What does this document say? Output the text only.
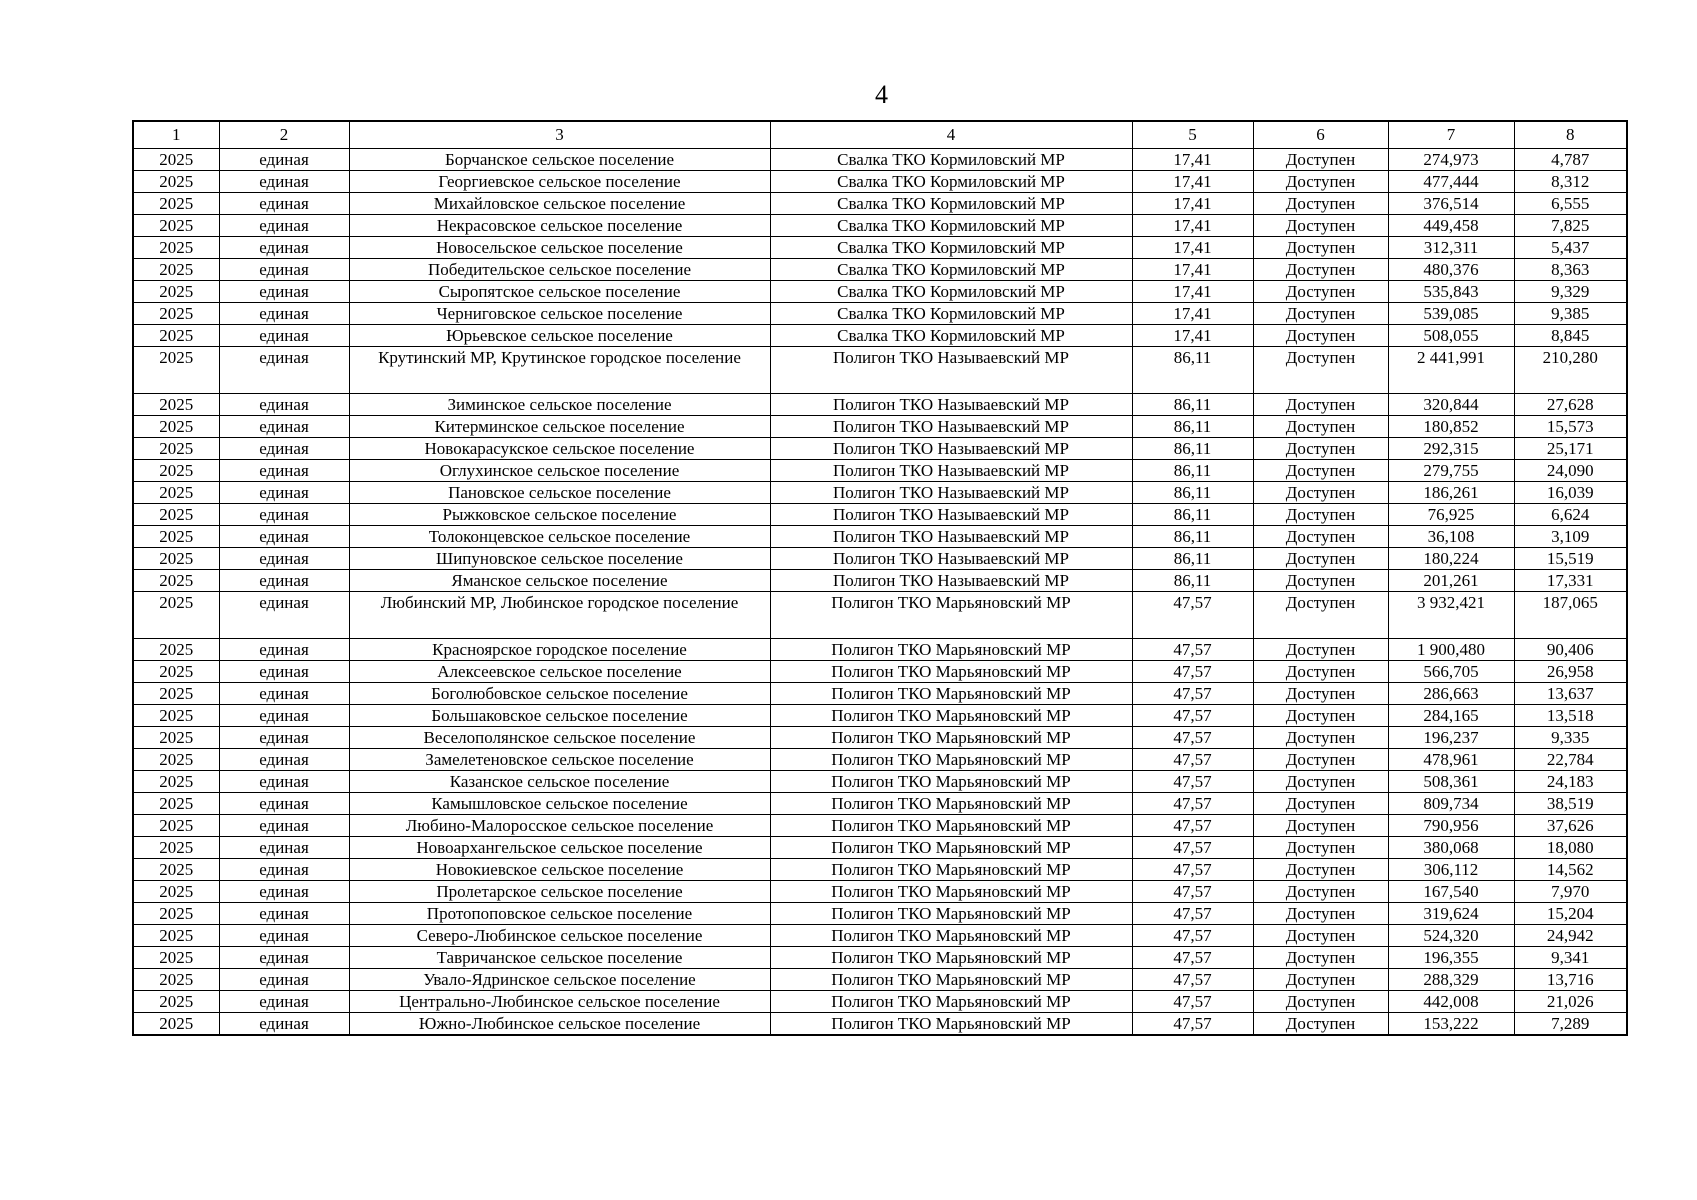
4
1	2	3	4	5	6	7	8
2025	единая	Борчанское сельское поселение	Свалка ТКО Кормиловский МР	17,41	Доступен	274,973	4,787
2025	единая	Георгиевское сельское поселение	Свалка ТКО Кормиловский МР	17,41	Доступен	477,444	8,312
2025	единая	Михайловское сельское поселение	Свалка ТКО Кормиловский МР	17,41	Доступен	376,514	6,555
2025	единая	Некрасовское сельское поселение	Свалка ТКО Кормиловский МР	17,41	Доступен	449,458	7,825
2025	единая	Новосельское сельское поселение	Свалка ТКО Кормиловский МР	17,41	Доступен	312,311	5,437
2025	единая	Победительское сельское поселение	Свалка ТКО Кормиловский МР	17,41	Доступен	480,376	8,363
2025	единая	Сыропятское сельское поселение	Свалка ТКО Кормиловский МР	17,41	Доступен	535,843	9,329
2025	единая	Черниговское сельское поселение	Свалка ТКО Кормиловский МР	17,41	Доступен	539,085	9,385
2025	единая	Юрьевское сельское поселение	Свалка ТКО Кормиловский МР	17,41	Доступен	508,055	8,845
2025	единая	Крутинский МР, Крутинское городское поселение	Полигон ТКО Называевский МР	86,11	Доступен	2 441,991	210,280
2025	единая	Зиминское сельское поселение	Полигон ТКО Называевский МР	86,11	Доступен	320,844	27,628
2025	единая	Китерминское сельское поселение	Полигон ТКО Называевский МР	86,11	Доступен	180,852	15,573
2025	единая	Новокарасукское сельское поселение	Полигон ТКО Называевский МР	86,11	Доступен	292,315	25,171
2025	единая	Оглухинское сельское поселение	Полигон ТКО Называевский МР	86,11	Доступен	279,755	24,090
2025	единая	Пановское сельское поселение	Полигон ТКО Называевский МР	86,11	Доступен	186,261	16,039
2025	единая	Рыжковское сельское поселение	Полигон ТКО Называевский МР	86,11	Доступен	76,925	6,624
2025	единая	Толоконцевское сельское поселение	Полигон ТКО Называевский МР	86,11	Доступен	36,108	3,109
2025	единая	Шипуновское сельское поселение	Полигон ТКО Называевский МР	86,11	Доступен	180,224	15,519
2025	единая	Яманское сельское поселение	Полигон ТКО Называевский МР	86,11	Доступен	201,261	17,331
2025	единая	Любинский МР, Любинское городское поселение	Полигон ТКО Марьяновский МР	47,57	Доступен	3 932,421	187,065
2025	единая	Красноярское городское поселение	Полигон ТКО Марьяновский МР	47,57	Доступен	1 900,480	90,406
2025	единая	Алексеевское сельское поселение	Полигон ТКО Марьяновский МР	47,57	Доступен	566,705	26,958
2025	единая	Боголюбовское сельское поселение	Полигон ТКО Марьяновский МР	47,57	Доступен	286,663	13,637
2025	единая	Большаковское сельское поселение	Полигон ТКО Марьяновский МР	47,57	Доступен	284,165	13,518
2025	единая	Веселополянское сельское поселение	Полигон ТКО Марьяновский МР	47,57	Доступен	196,237	9,335
2025	единая	Замелетеновское сельское поселение	Полигон ТКО Марьяновский МР	47,57	Доступен	478,961	22,784
2025	единая	Казанское сельское поселение	Полигон ТКО Марьяновский МР	47,57	Доступен	508,361	24,183
2025	единая	Камышловское сельское поселение	Полигон ТКО Марьяновский МР	47,57	Доступен	809,734	38,519
2025	единая	Любино-Малоросское сельское поселение	Полигон ТКО Марьяновский МР	47,57	Доступен	790,956	37,626
2025	единая	Новоархангельское сельское поселение	Полигон ТКО Марьяновский МР	47,57	Доступен	380,068	18,080
2025	единая	Новокиевское сельское поселение	Полигон ТКО Марьяновский МР	47,57	Доступен	306,112	14,562
2025	единая	Пролетарское сельское поселение	Полигон ТКО Марьяновский МР	47,57	Доступен	167,540	7,970
2025	единая	Протопоповское сельское поселение	Полигон ТКО Марьяновский МР	47,57	Доступен	319,624	15,204
2025	единая	Северо-Любинское сельское поселение	Полигон ТКО Марьяновский МР	47,57	Доступен	524,320	24,942
2025	единая	Тавричанское сельское поселение	Полигон ТКО Марьяновский МР	47,57	Доступен	196,355	9,341
2025	единая	Увало-Ядринское сельское поселение	Полигон ТКО Марьяновский МР	47,57	Доступен	288,329	13,716
2025	единая	Центрально-Любинское сельское поселение	Полигон ТКО Марьяновский МР	47,57	Доступен	442,008	21,026
2025	единая	Южно-Любинское сельское поселение	Полигон ТКО Марьяновский МР	47,57	Доступен	153,222	7,289
